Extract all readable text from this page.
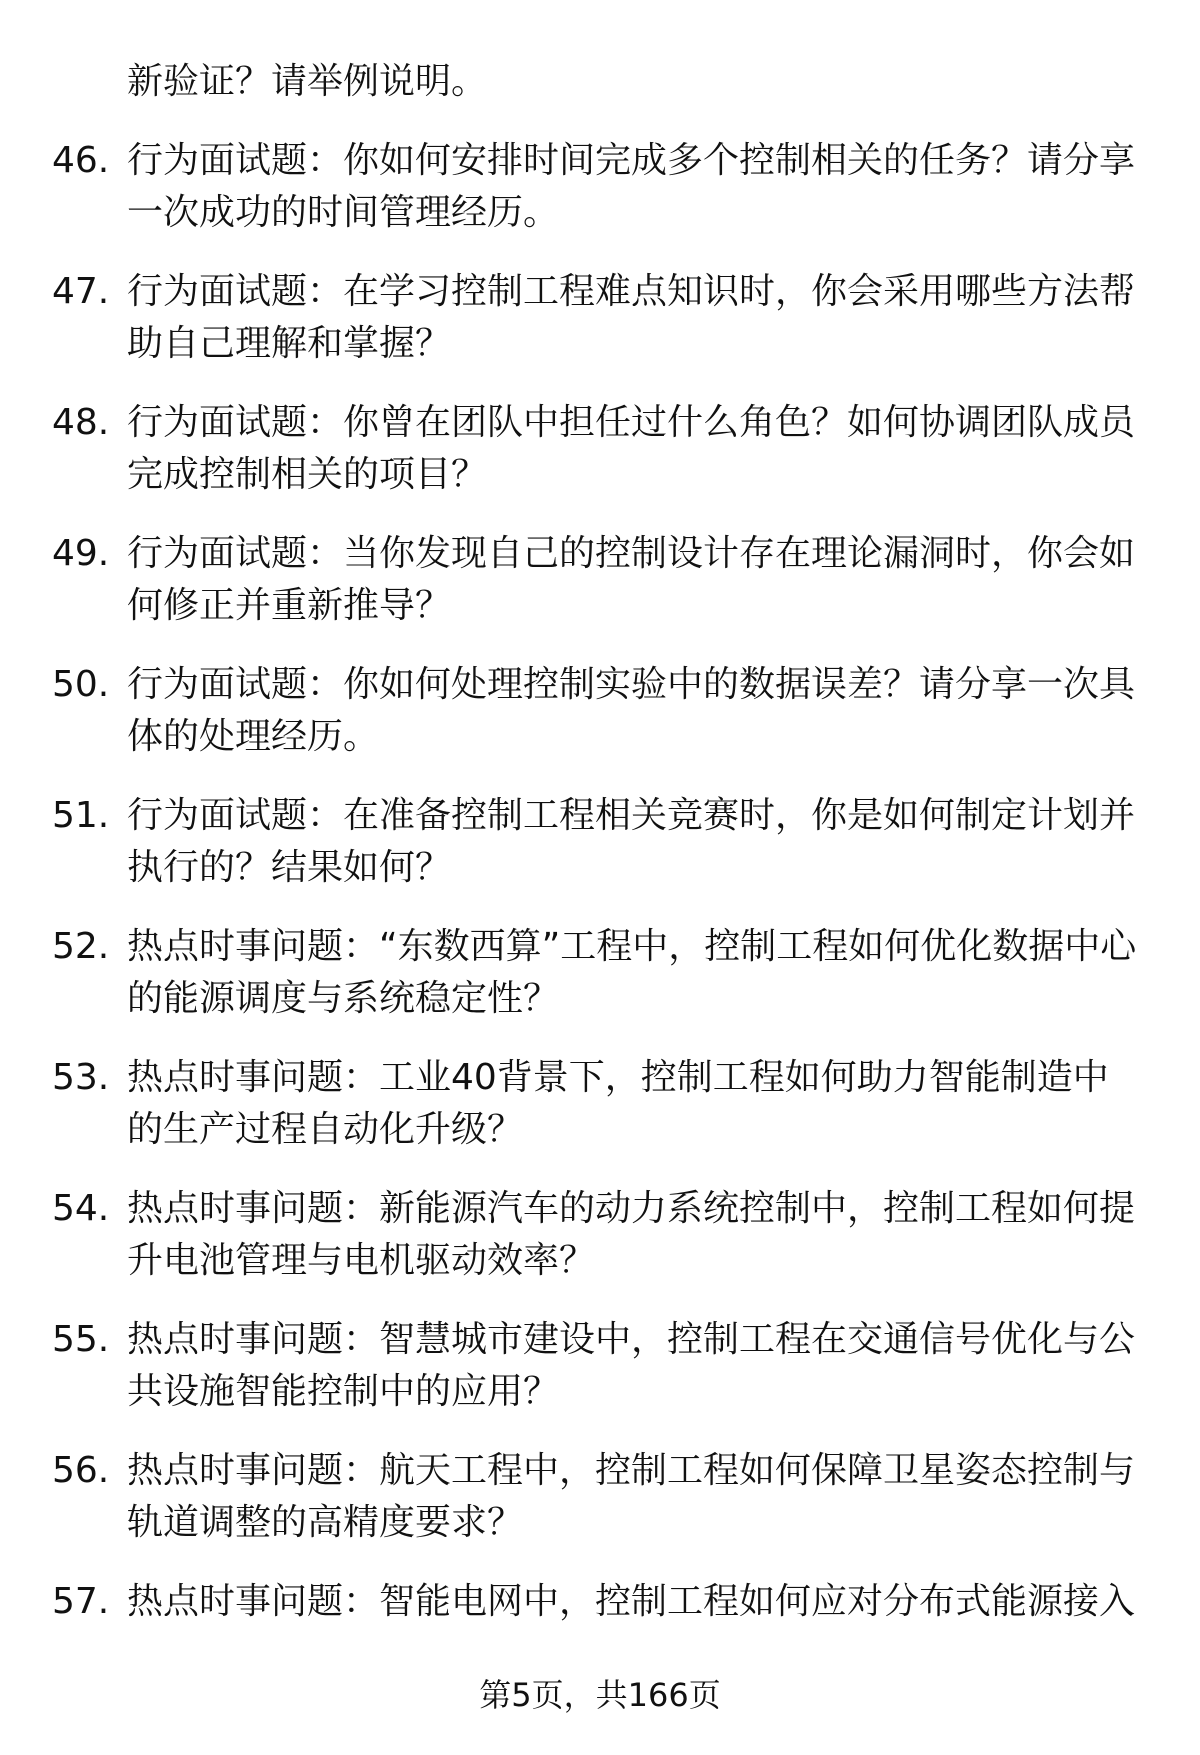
​
新验证？请举例说明。
46. 行为面试题：你如何安排时间完成多个控制相关的任务？请分享一次成功的时间管理经历。
47. 行为面试题：在学习控制工程难点知识时，你会采用哪些方法帮助自己理解和掌握？
48. 行为面试题：你曾在团队中担任过什么角色？如何协调团队成员完成控制相关的项目？
49. 行为面试题：当你发现自己的控制设计存在理论漏洞时，你会如何修正并重新推导？
50. 行为面试题：你如何处理控制实验中的数据误差？请分享一次具体的处理经历。
51. 行为面试题：在准备控制工程相关竞赛时，你是如何制定计划并执行的？结果如何？
52. 热点时事问题：“东数西算”工程中，控制工程如何优化数据中心的能源调度与系统稳定性？
53. 热点时事问题：工业40背景下，控制工程如何助力智能制造中的生产过程自动化升级？
54. 热点时事问题：新能源汽车的动力系统控制中，控制工程如何提升电池管理与电机驱动效率？
55. 热点时事问题：智慧城市建设中，控制工程在交通信号优化与公共设施智能控制中的应用？
56. 热点时事问题：航天工程中，控制工程如何保障卫星姿态控制与轨道调整的高精度要求？
57. 热点时事问题：智能电网中，控制工程如何应对分布式能源接入
第5页，共166页
